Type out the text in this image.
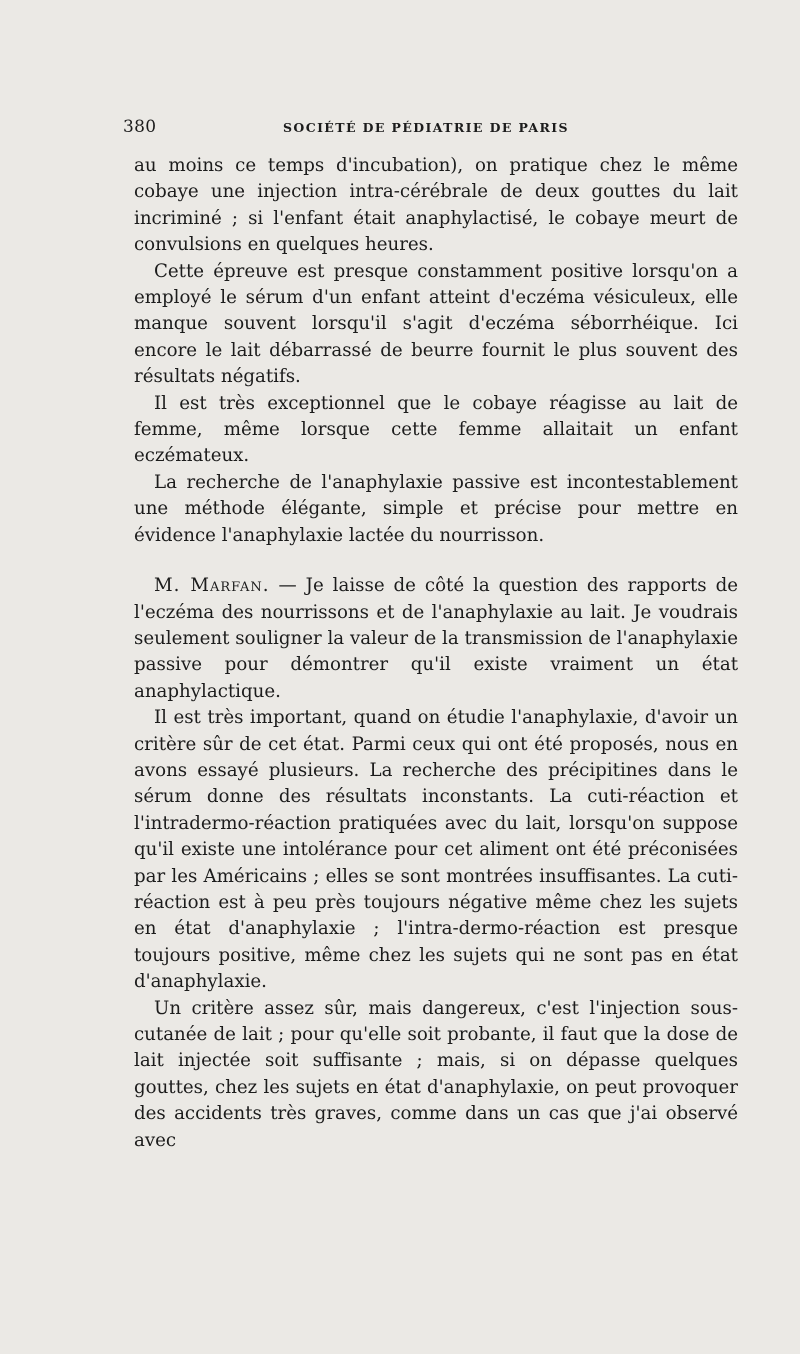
380	SOCIÉTÉ DE PÉDIATRIE DE PARIS

au moins ce temps d'incubation), on pratique chez le même cobaye une injection intra-cérébrale de deux gouttes du lait incriminé ; si l'enfant était anaphylactisé, le cobaye meurt de convulsions en quelques heures.

Cette épreuve est presque constamment positive lorsqu'on a employé le sérum d'un enfant atteint d'eczéma vésiculeux, elle manque souvent lorsqu'il s'agit d'eczéma séborrhéique. Ici encore le lait débarrassé de beurre fournit le plus souvent des résultats négatifs.

Il est très exceptionnel que le cobaye réagisse au lait de femme, même lorsque cette femme allaitait un enfant eczémateux.

La recherche de l'anaphylaxie passive est incontestablement une méthode élégante, simple et précise pour mettre en évidence l'anaphylaxie lactée du nourrisson.

M. Marfan. — Je laisse de côté la question des rapports de l'eczéma des nourrissons et de l'anaphylaxie au lait. Je voudrais seulement souligner la valeur de la transmission de l'anaphylaxie passive pour démontrer qu'il existe vraiment un état anaphylactique.

Il est très important, quand on étudie l'anaphylaxie, d'avoir un critère sûr de cet état. Parmi ceux qui ont été proposés, nous en avons essayé plusieurs. La recherche des précipitines dans le sérum donne des résultats inconstants. La cuti-réaction et l'intradermo-réaction pratiquées avec du lait, lorsqu'on suppose qu'il existe une intolérance pour cet aliment ont été préconisées par les Américains ; elles se sont montrées insuffisantes. La cuti-réaction est à peu près toujours négative même chez les sujets en état d'anaphylaxie ; l'intra-dermo-réaction est presque toujours positive, même chez les sujets qui ne sont pas en état d'anaphylaxie.

Un critère assez sûr, mais dangereux, c'est l'injection sous-cutanée de lait ; pour qu'elle soit probante, il faut que la dose de lait injectée soit suffisante ; mais, si on dépasse quelques gouttes, chez les sujets en état d'anaphylaxie, on peut provoquer des accidents très graves, comme dans un cas que j'ai observé avec
